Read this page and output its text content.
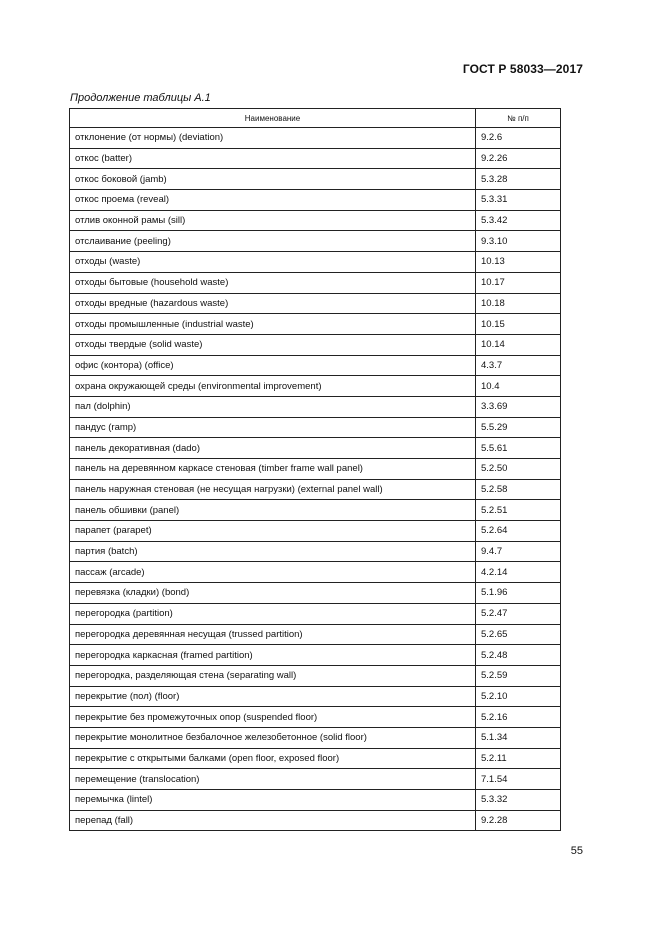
ГОСТ Р 58033—2017
Продолжение таблицы А.1
Наименование	№ п/п
отклонение (от нормы) (deviation)	9.2.6
откос (batter)	9.2.26
откос боковой (jamb)	5.3.28
откос проема (reveal)	5.3.31
отлив оконной рамы (sill)	5.3.42
отслаивание (peeling)	9.3.10
отходы (waste)	10.13
отходы бытовые (household waste)	10.17
отходы вредные (hazardous waste)	10.18
отходы промышленные (industrial waste)	10.15
отходы твердые (solid waste)	10.14
офис (контора) (office)	4.3.7
охрана окружающей среды (environmental improvement)	10.4
пал (dolphin)	3.3.69
пандус (ramp)	5.5.29
панель декоративная (dado)	5.5.61
панель на деревянном каркасе стеновая (timber frame wall panel)	5.2.50
панель наружная стеновая (не несущая нагрузки) (external panel wall)	5.2.58
панель обшивки (panel)	5.2.51
парапет (parapet)	5.2.64
партия (batch)	9.4.7
пассаж (arcade)	4.2.14
перевязка (кладки) (bond)	5.1.96
перегородка (partition)	5.2.47
перегородка деревянная несущая (trussed partition)	5.2.65
перегородка каркасная (framed partition)	5.2.48
перегородка, разделяющая стена (separating wall)	5.2.59
перекрытие (пол) (floor)	5.2.10
перекрытие без промежуточных опор (suspended floor)	5.2.16
перекрытие монолитное безбалочное железобетонное (solid floor)	5.1.34
перекрытие с открытыми балками (open floor, exposed floor)	5.2.11
перемещение (translocation)	7.1.54
перемычка (lintel)	5.3.32
перепад (fall)	9.2.28
55
